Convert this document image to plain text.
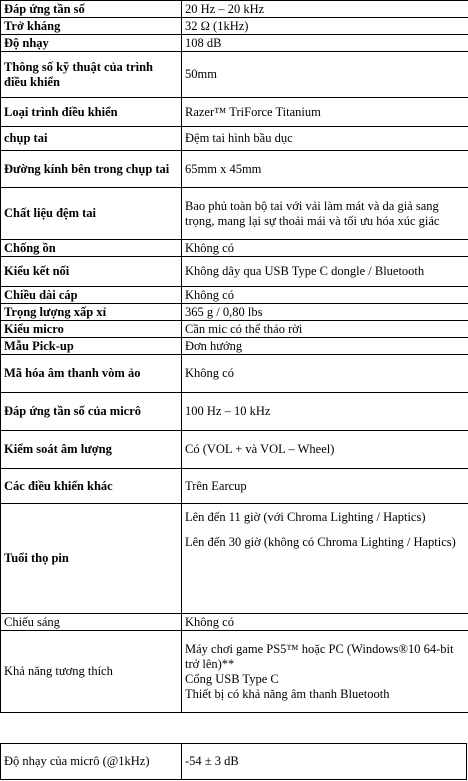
Đáp ứng tần số	20 Hz – 20 kHz
Trở kháng	32 Ω (1kHz)
Độ nhạy	108 dB
Thông số kỹ thuật của trình điều khiển	50mm
Loại trình điều khiển	Razer™ TriForce Titanium
chụp tai	Đệm tai hình bầu dục
Đường kính bên trong chụp tai	65mm x 45mm
Chất liệu đệm tai	Bao phủ toàn bộ tai với vải làm mát và da giả sang trọng, mang lại sự thoải mái và tối ưu hóa xúc giác
Chống ồn	Không có
Kiểu kết nối	Không dây qua USB Type C dongle / Bluetooth
Chiều dài cáp	Không có
Trọng lượng xấp xỉ	365 g / 0,80 lbs
Kiểu micro	Cần mic có thể tháo rời
Mẫu Pick-up	Đơn hướng
Mã hóa âm thanh vòm ảo	Không có
Đáp ứng tần số của micrô	100 Hz – 10 kHz
Kiểm soát âm lượng	Có (VOL + và VOL – Wheel)
Các điều khiển khác	Trên Earcup
Tuổi thọ pin	Lên đến 11 giờ (với Chroma Lighting / Haptics)
Lên đến 30 giờ (không có Chroma Lighting / Haptics)

Chiếu sáng	Không có
Khả năng tương thích	Máy chơi game PS5™ hoặc PC (Windows®10 64-bit trở lên)**
Cổng USB Type C
Thiết bị có khả năng âm thanh Bluetooth
Độ nhạy của micrô (@1kHz)	-54 ± 3 dB
